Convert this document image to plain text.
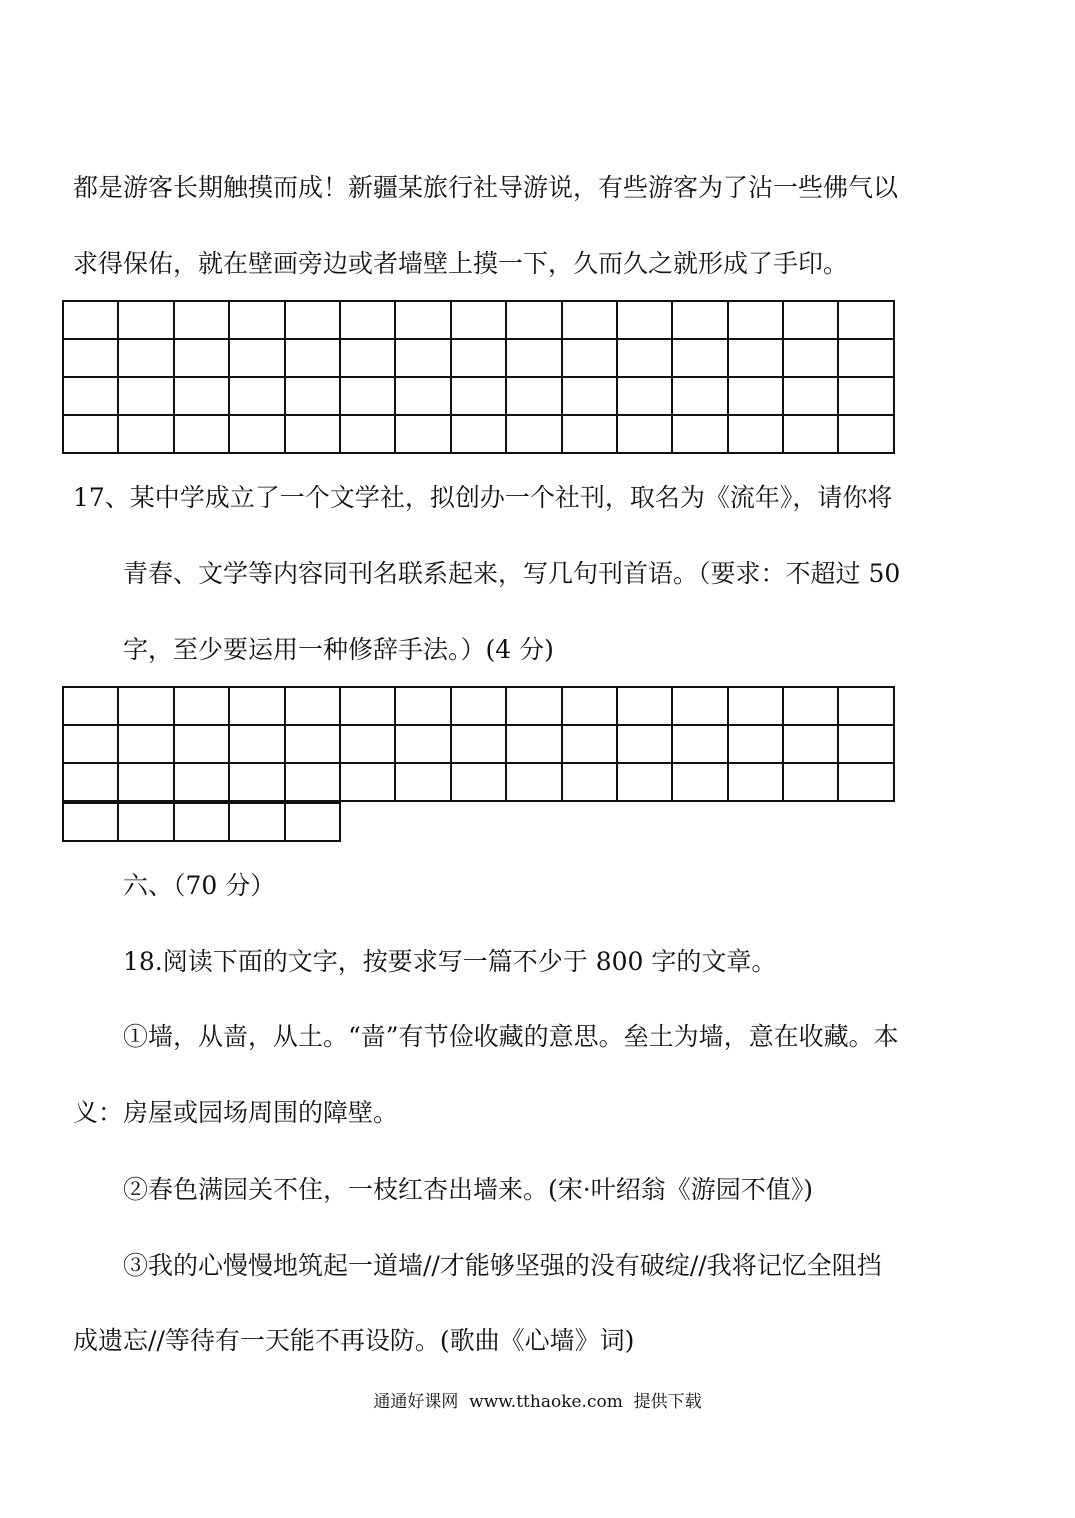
都是游客长期触摸而成！新疆某旅行社导游说，有些游客为了沾一些佛气以
求得保佑，就在壁画旁边或者墙壁上摸一下，久而久之就形成了手印。

17、某中学成立了一个文学社，拟创办一个社刊，取名为《流年》，请你将
青春、文学等内容同刊名联系起来，写几句刊首语。（要求：不超过 50
字，至少要运用一种修辞手法。）(4 分)

六、（70 分）
18.阅读下面的文字，按要求写一篇不少于 800 字的文章。
①墙，从啬，从土。“啬”有节俭收藏的意思。垒土为墙，意在收藏。本
义：房屋或园场周围的障壁。
②春色满园关不住，一枝红杏出墙来。(宋·叶绍翁《游园不值》)
③我的心慢慢地筑起一道墙//才能够坚强的没有破绽//我将记忆全阻挡
成遗忘//等待有一天能不再设防。(歌曲《心墙》词)
通通好课网  www.tthaoke.com  提供下载
